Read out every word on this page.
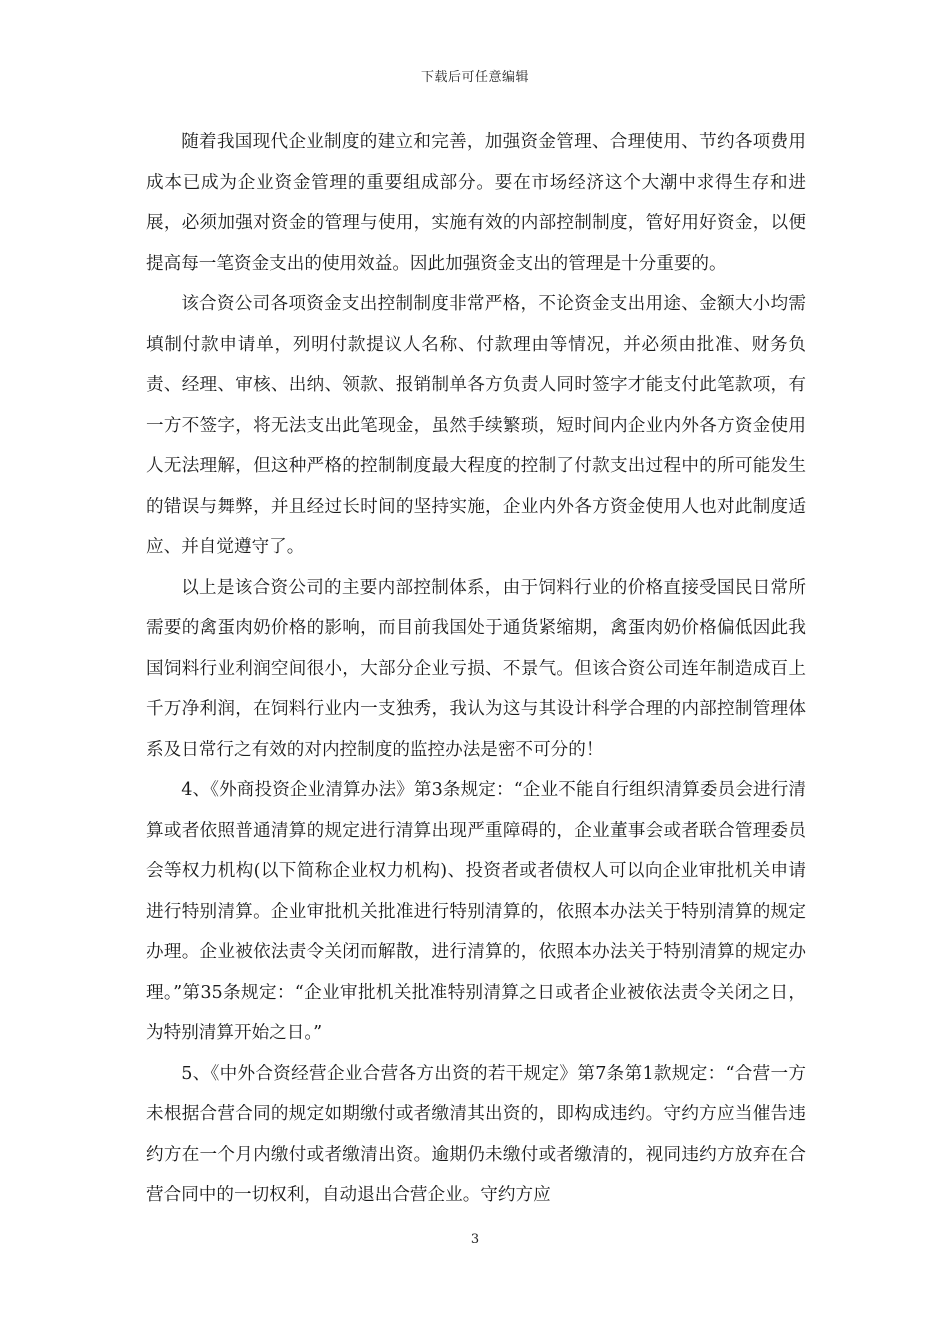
下载后可任意编辑

随着我国现代企业制度的建立和完善，加强资金管理、合理使用、节约各项费用成本已成为企业资金管理的重要组成部分。要在市场经济这个大潮中求得生存和进展，必须加强对资金的管理与使用，实施有效的内部控制制度，管好用好资金，以便提高每一笔资金支出的使用效益。因此加强资金支出的管理是十分重要的。

该合资公司各项资金支出控制制度非常严格，不论资金支出用途、金额大小均需填制付款申请单，列明付款提议人名称、付款理由等情况，并必须由批准、财务负责、经理、审核、出纳、领款、报销制单各方负责人同时签字才能支付此笔款项，有一方不签字，将无法支出此笔现金，虽然手续繁琐，短时间内企业内外各方资金使用人无法理解，但这种严格的控制制度最大程度的控制了付款支出过程中的所可能发生的错误与舞弊，并且经过长时间的坚持实施，企业内外各方资金使用人也对此制度适应、并自觉遵守了。

以上是该合资公司的主要内部控制体系，由于饲料行业的价格直接受国民日常所需要的禽蛋肉奶价格的影响，而目前我国处于通货紧缩期，禽蛋肉奶价格偏低因此我国饲料行业利润空间很小，大部分企业亏损、不景气。但该合资公司连年制造成百上千万净利润，在饲料行业内一支独秀，我认为这与其设计科学合理的内部控制管理体系及日常行之有效的对内控制度的监控办法是密不可分的！

4、《外商投资企业清算办法》第3条规定：“企业不能自行组织清算委员会进行清算或者依照普通清算的规定进行清算出现严重障碍的，企业董事会或者联合管理委员会等权力机构(以下简称企业权力机构)、投资者或者债权人可以向企业审批机关申请进行特别清算。企业审批机关批准进行特别清算的，依照本办法关于特别清算的规定办理。企业被依法责令关闭而解散，进行清算的，依照本办法关于特别清算的规定办理。”第35条规定：“企业审批机关批准特别清算之日或者企业被依法责令关闭之日，为特别清算开始之日。”

5、《中外合资经营企业合营各方出资的若干规定》第7条第1款规定：“合营一方未根据合营合同的规定如期缴付或者缴清其出资的，即构成违约。守约方应当催告违约方在一个月内缴付或者缴清出资。逾期仍未缴付或者缴清的，视同违约方放弃在合营合同中的一切权利，自动退出合营企业。守约方应

3
